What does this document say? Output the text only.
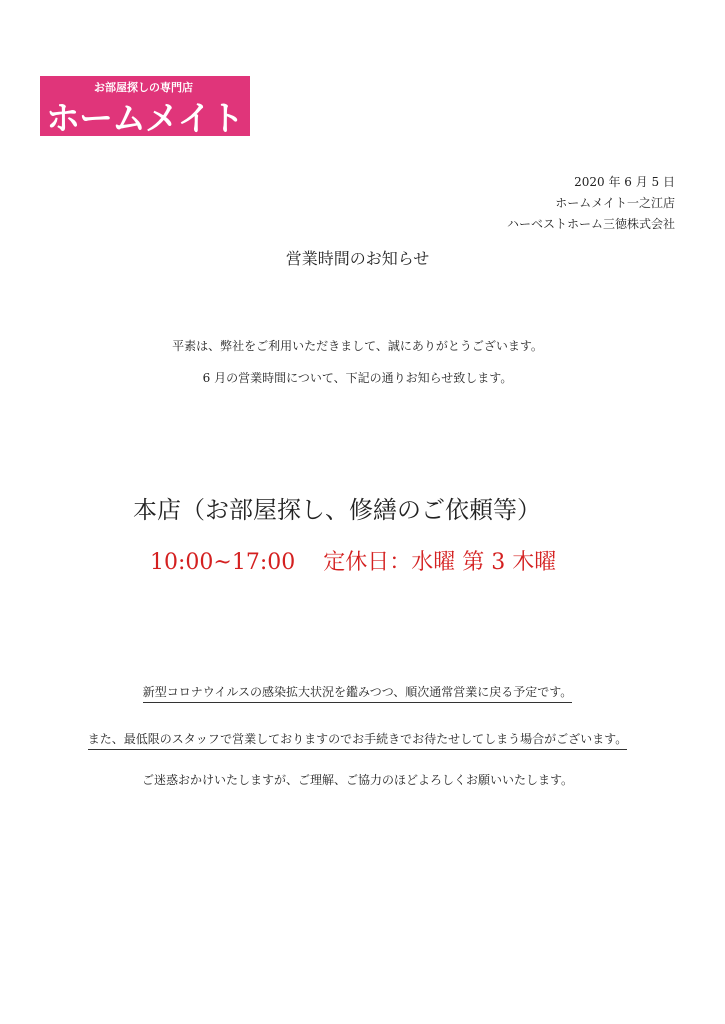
お部屋探しの専門店
ホームメイト
2020 年 6 月 5 日
ホームメイト一之江店
ハーベストホーム三徳株式会社
営業時間のお知らせ
平素は、弊社をご利用いただきまして、誠にありがとうございます。
6 月の営業時間について、下記の通りお知らせ致します。
本店（お部屋探し、修繕のご依頼等）
10:00~17:00 定休日：水曜 第 3 木曜
新型コロナウイルスの感染拡大状況を鑑みつつ、順次通常営業に戻る予定です。
また、最低限のスタッフで営業しておりますのでお手続きでお待たせしてしまう場合がございます。
ご迷惑おかけいたしますが、ご理解、ご協力のほどよろしくお願いいたします。
